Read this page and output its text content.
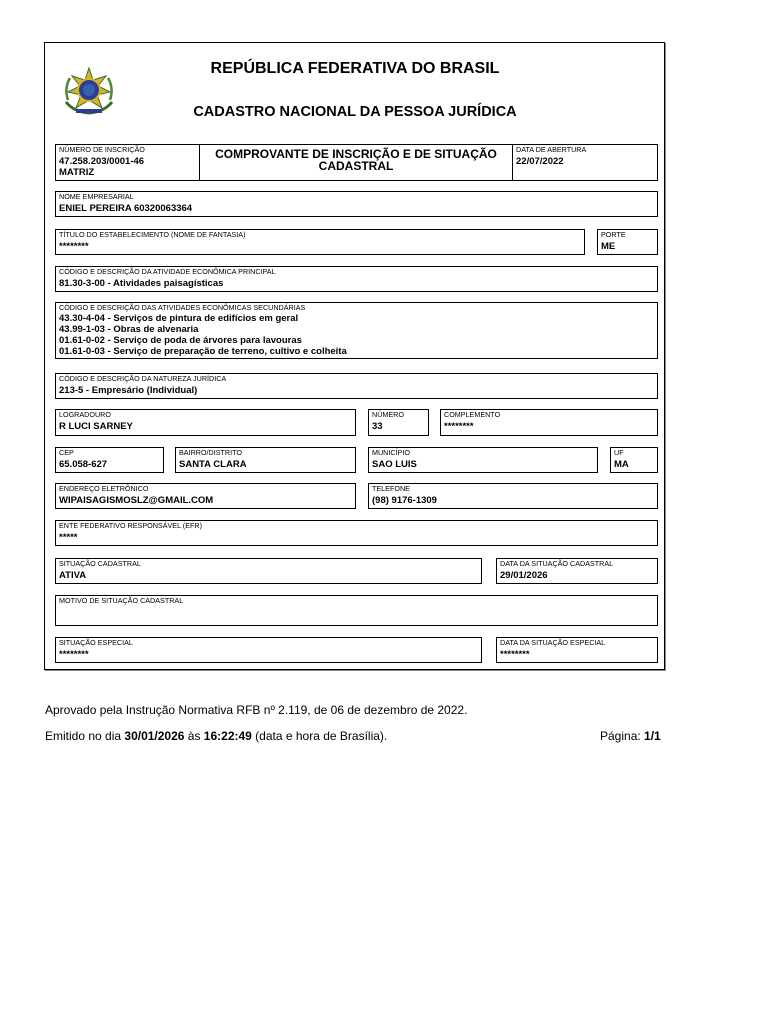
REPÚBLICA FEDERATIVA DO BRASIL
CADASTRO NACIONAL DA PESSOA JURÍDICA
NÚMERO DE INSCRIÇÃO
47.258.203/0001-46
MATRIZ
COMPROVANTE DE INSCRIÇÃO E DE SITUAÇÃO CADASTRAL
DATA DE ABERTURA
22/07/2022
NOME EMPRESARIAL
ENIEL PEREIRA 60320063364
TÍTULO DO ESTABELECIMENTO (NOME DE FANTASIA)
********
PORTE
ME
CÓDIGO E DESCRIÇÃO DA ATIVIDADE ECONÔMICA PRINCIPAL
81.30-3-00 - Atividades paisagísticas
CÓDIGO E DESCRIÇÃO DAS ATIVIDADES ECONÔMICAS SECUNDÁRIAS
43.30-4-04 - Serviços de pintura de edifícios em geral
43.99-1-03 - Obras de alvenaria
01.61-0-02 - Serviço de poda de árvores para lavouras
01.61-0-03 - Serviço de preparação de terreno, cultivo e colheita
CÓDIGO E DESCRIÇÃO DA NATUREZA JURÍDICA
213-5 - Empresário (Individual)
LOGRADOURO
R LUCI SARNEY
NÚMERO
33
COMPLEMENTO
********
CEP
65.058-627
BAIRRO/DISTRITO
SANTA CLARA
MUNICÍPIO
SAO LUIS
UF
MA
ENDEREÇO ELETRÔNICO
WIPAISAGISMOSLZ@GMAIL.COM
TELEFONE
(98) 9176-1309
ENTE FEDERATIVO RESPONSÁVEL (EFR)
*****
SITUAÇÃO CADASTRAL
ATIVA
DATA DA SITUAÇÃO CADASTRAL
29/01/2026
MOTIVO DE SITUAÇÃO CADASTRAL
SITUAÇÃO ESPECIAL
********
DATA DA SITUAÇÃO ESPECIAL
********
Aprovado pela Instrução Normativa RFB nº 2.119, de 06 de dezembro de 2022.
Emitido no dia 30/01/2026 às 16:22:49 (data e hora de Brasília).	Página: 1/1
